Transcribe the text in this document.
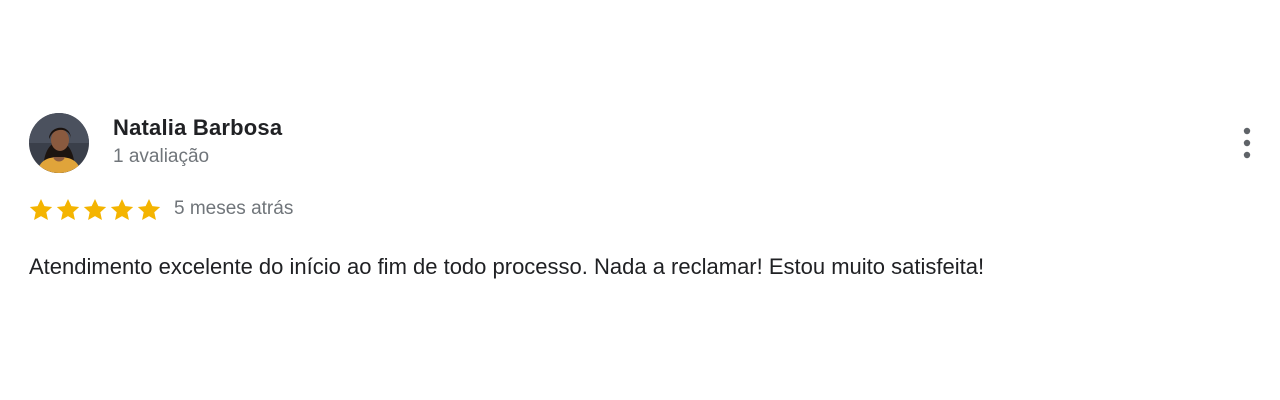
Natalia Barbosa
1 avaliação
5 meses atrás
Atendimento excelente do início ao fim de todo processo. Nada a reclamar! Estou muito satisfeita!
